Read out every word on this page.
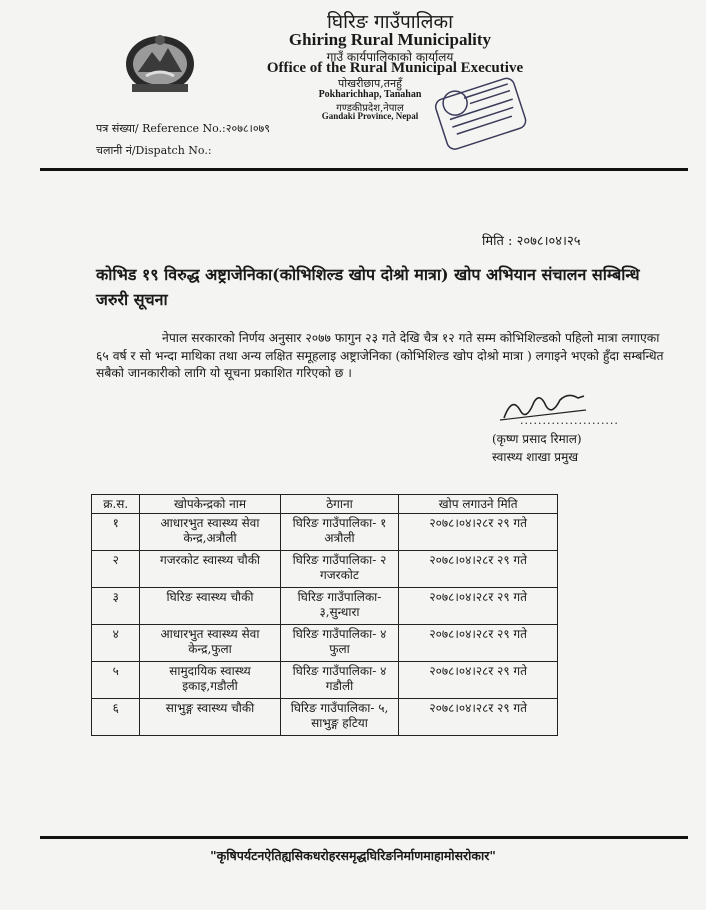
घिरिङ गाउँपालिका
Ghiring Rural Municipality
गाउँ कार्यपालिकाको कार्यालय
Office of the Rural Municipal Executive
पोखरीछाप,तनहुँ
Pokharichhap, Tanahan
गण्डकीप्रदेश,नेपाल
Gandaki Province, Nepal
पत्र संख्या/ Reference No.:२०७८।०७९
चलानी नं/Dispatch No.:
मिति : २०७८।०४।२५
कोभिड १९ विरुद्ध अष्ट्राजेनिका(कोभिशिल्ड खोप दोश्रो मात्रा) खोप अभियान संचालन सम्बिन्धि जरुरी सूचना
नेपाल सरकारको निर्णय अनुसार २०७७ फागुन २३ गते देखि चैत्र १२ गते सम्म कोभिशिल्डको पहिलो मात्रा लगाएका ६५ वर्ष र सो भन्दा माथिका तथा अन्य लक्षित समूहलाइ अष्ट्राजेनिका (कोभिशिल्ड खोप दोश्रो मात्रा ) लगाइने भएको हुँदा सम्बन्धित सबैको जानकारीको लागि यो सूचना प्रकाशित गरिएको छ ।
......................
(कृष्ण प्रसाद रिमाल)
स्वास्थ्य शाखा प्रमुख
क्र.स.	खोपकेन्द्रको नाम	ठेगाना	खोप लगाउने मिति
१	आधारभुत स्वास्थ्य सेवा केन्द्र,अत्रौली	घिरिङ गाउँपालिका- १ अत्रौली	२०७८।०४।२८र २९ गते
२	गजरकोट स्वास्थ्य चौकी	घिरिङ गाउँपालिका- २ गजरकोट	२०७८।०४।२८र २९ गते
३	घिरिङ स्वास्थ्य चौकी	घिरिङ गाउँपालिका- ३,सुन्धारा	२०७८।०४।२८र २९ गते
४	आधारभुत स्वास्थ्य सेवा केन्द्र,फुला	घिरिङ गाउँपालिका- ४ फुला	२०७८।०४।२८र २९ गते
५	सामुदायिक स्वास्थ्य इकाइ,गडौली	घिरिङ गाउँपालिका- ४ गडौली	२०७८।०४।२८र २९ गते
६	साभुङ्ग स्वास्थ्य चौकी	घिरिङ गाउँपालिका- ५, साभुङ्ग हटिया	२०७८।०४।२८र २९ गते
"कृषिपर्यटनऐतिह्यसिकधरोहरसमृद्धघिरिङनिर्माणमाहामोसरोकार"
